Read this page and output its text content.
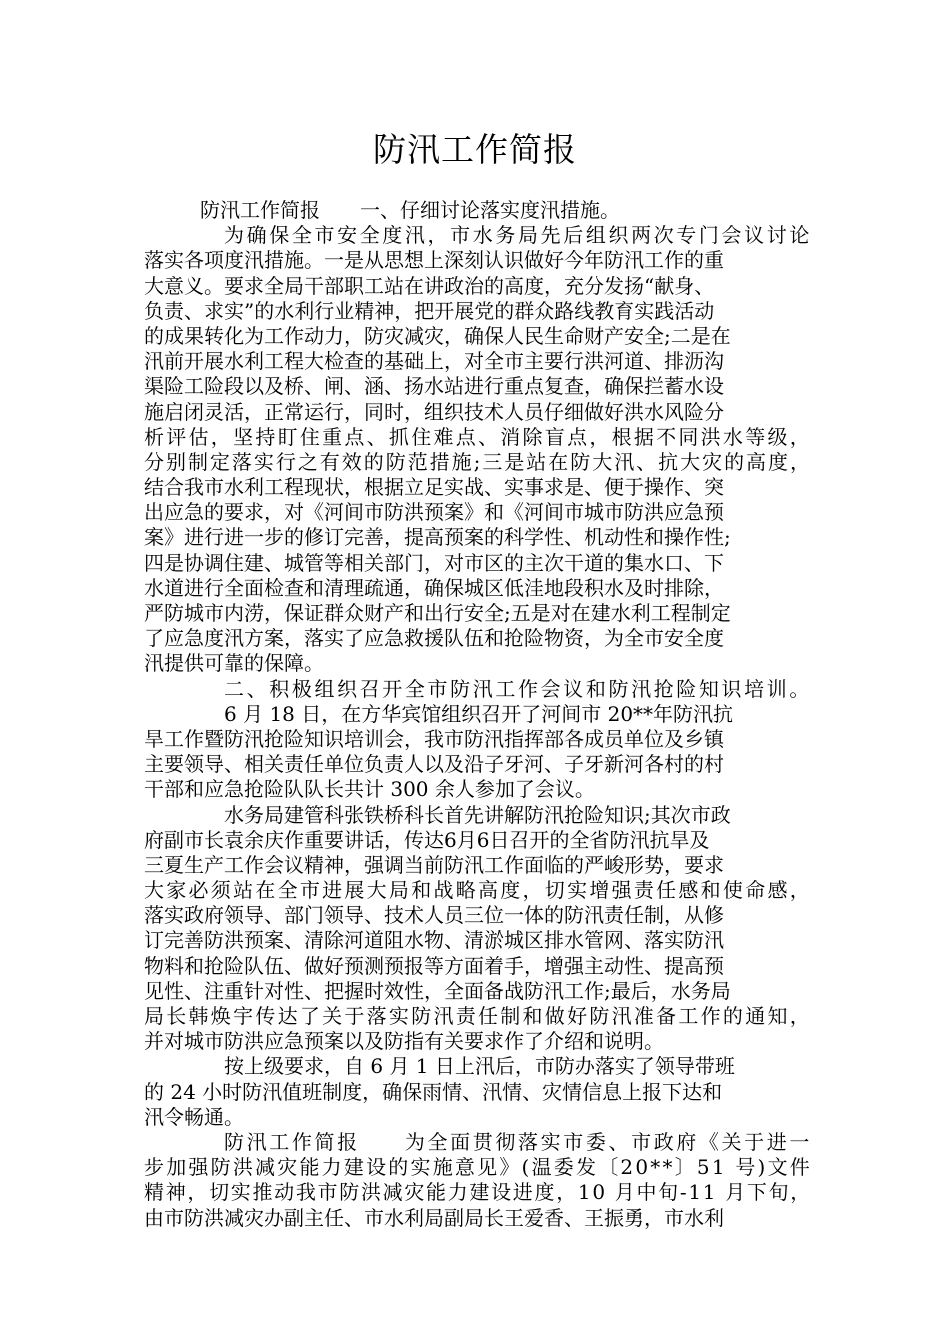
防汛工作简报
防汛工作简报　　一、仔细讨论落实度汛措施。
为确保全市安全度汛，市水务局先后组织两次专门会议讨论
落实各项度汛措施。一是从思想上深刻认识做好今年防汛工作的重
大意义。要求全局干部职工站在讲政治的高度，充分发扬“献身、
负责、求实”的水利行业精神，把开展党的群众路线教育实践活动
的成果转化为工作动力，防灾减灾，确保人民生命财产安全;二是在
汛前开展水利工程大检查的基础上，对全市主要行洪河道、排沥沟
渠险工险段以及桥、闸、涵、扬水站进行重点复查，确保拦蓄水设
施启闭灵活，正常运行，同时，组织技术人员仔细做好洪水风险分
析评估，坚持盯住重点、抓住难点、消除盲点，根据不同洪水等级，
分别制定落实行之有效的防范措施;三是站在防大汛、抗大灾的高度，
结合我市水利工程现状，根据立足实战、实事求是、便于操作、突
出应急的要求，对《河间市防洪预案》和《河间市城市防洪应急预
案》进行进一步的修订完善，提高预案的科学性、机动性和操作性;
四是协调住建、城管等相关部门，对市区的主次干道的集水口、下
水道进行全面检查和清理疏通，确保城区低洼地段积水及时排除，
严防城市内涝，保证群众财产和出行安全;五是对在建水利工程制定
了应急度汛方案，落实了应急救援队伍和抢险物资，为全市安全度
汛提供可靠的保障。
二、积极组织召开全市防汛工作会议和防汛抢险知识培训。
6 月 18 日，在方华宾馆组织召开了河间市 20**年防汛抗
旱工作暨防汛抢险知识培训会，我市防汛指挥部各成员单位及乡镇
主要领导、相关责任单位负责人以及沿子牙河、子牙新河各村的村
干部和应急抢险队队长共计 300 余人参加了会议。
水务局建管科张铁桥科长首先讲解防汛抢险知识;其次市政
府副市长袁余庆作重要讲话，传达6月6日召开的全省防汛抗旱及
三夏生产工作会议精神，强调当前防汛工作面临的严峻形势，要求
大家必须站在全市进展大局和战略高度，切实增强责任感和使命感，
落实政府领导、部门领导、技术人员三位一体的防汛责任制，从修
订完善防洪预案、清除河道阻水物、清淤城区排水管网、落实防汛
物料和抢险队伍、做好预测预报等方面着手，增强主动性、提高预
见性、注重针对性、把握时效性，全面备战防汛工作;最后，水务局
局长韩焕宇传达了关于落实防汛责任制和做好防汛准备工作的通知，
并对城市防洪应急预案以及防指有关要求作了介绍和说明。
按上级要求，自 6 月 1 日上汛后，市防办落实了领导带班
的 24 小时防汛值班制度，确保雨情、汛情、灾情信息上报下达和
汛令畅通。
防汛工作简报　　为全面贯彻落实市委、市政府《关于进一
步加强防洪减灾能力建设的实施意见》(温委发〔20**〕51 号)文件
精神，切实推动我市防洪减灾能力建设进度，10 月中旬-11 月下旬，
由市防洪减灾办副主任、市水利局副局长王爱香、王振勇，市水利
